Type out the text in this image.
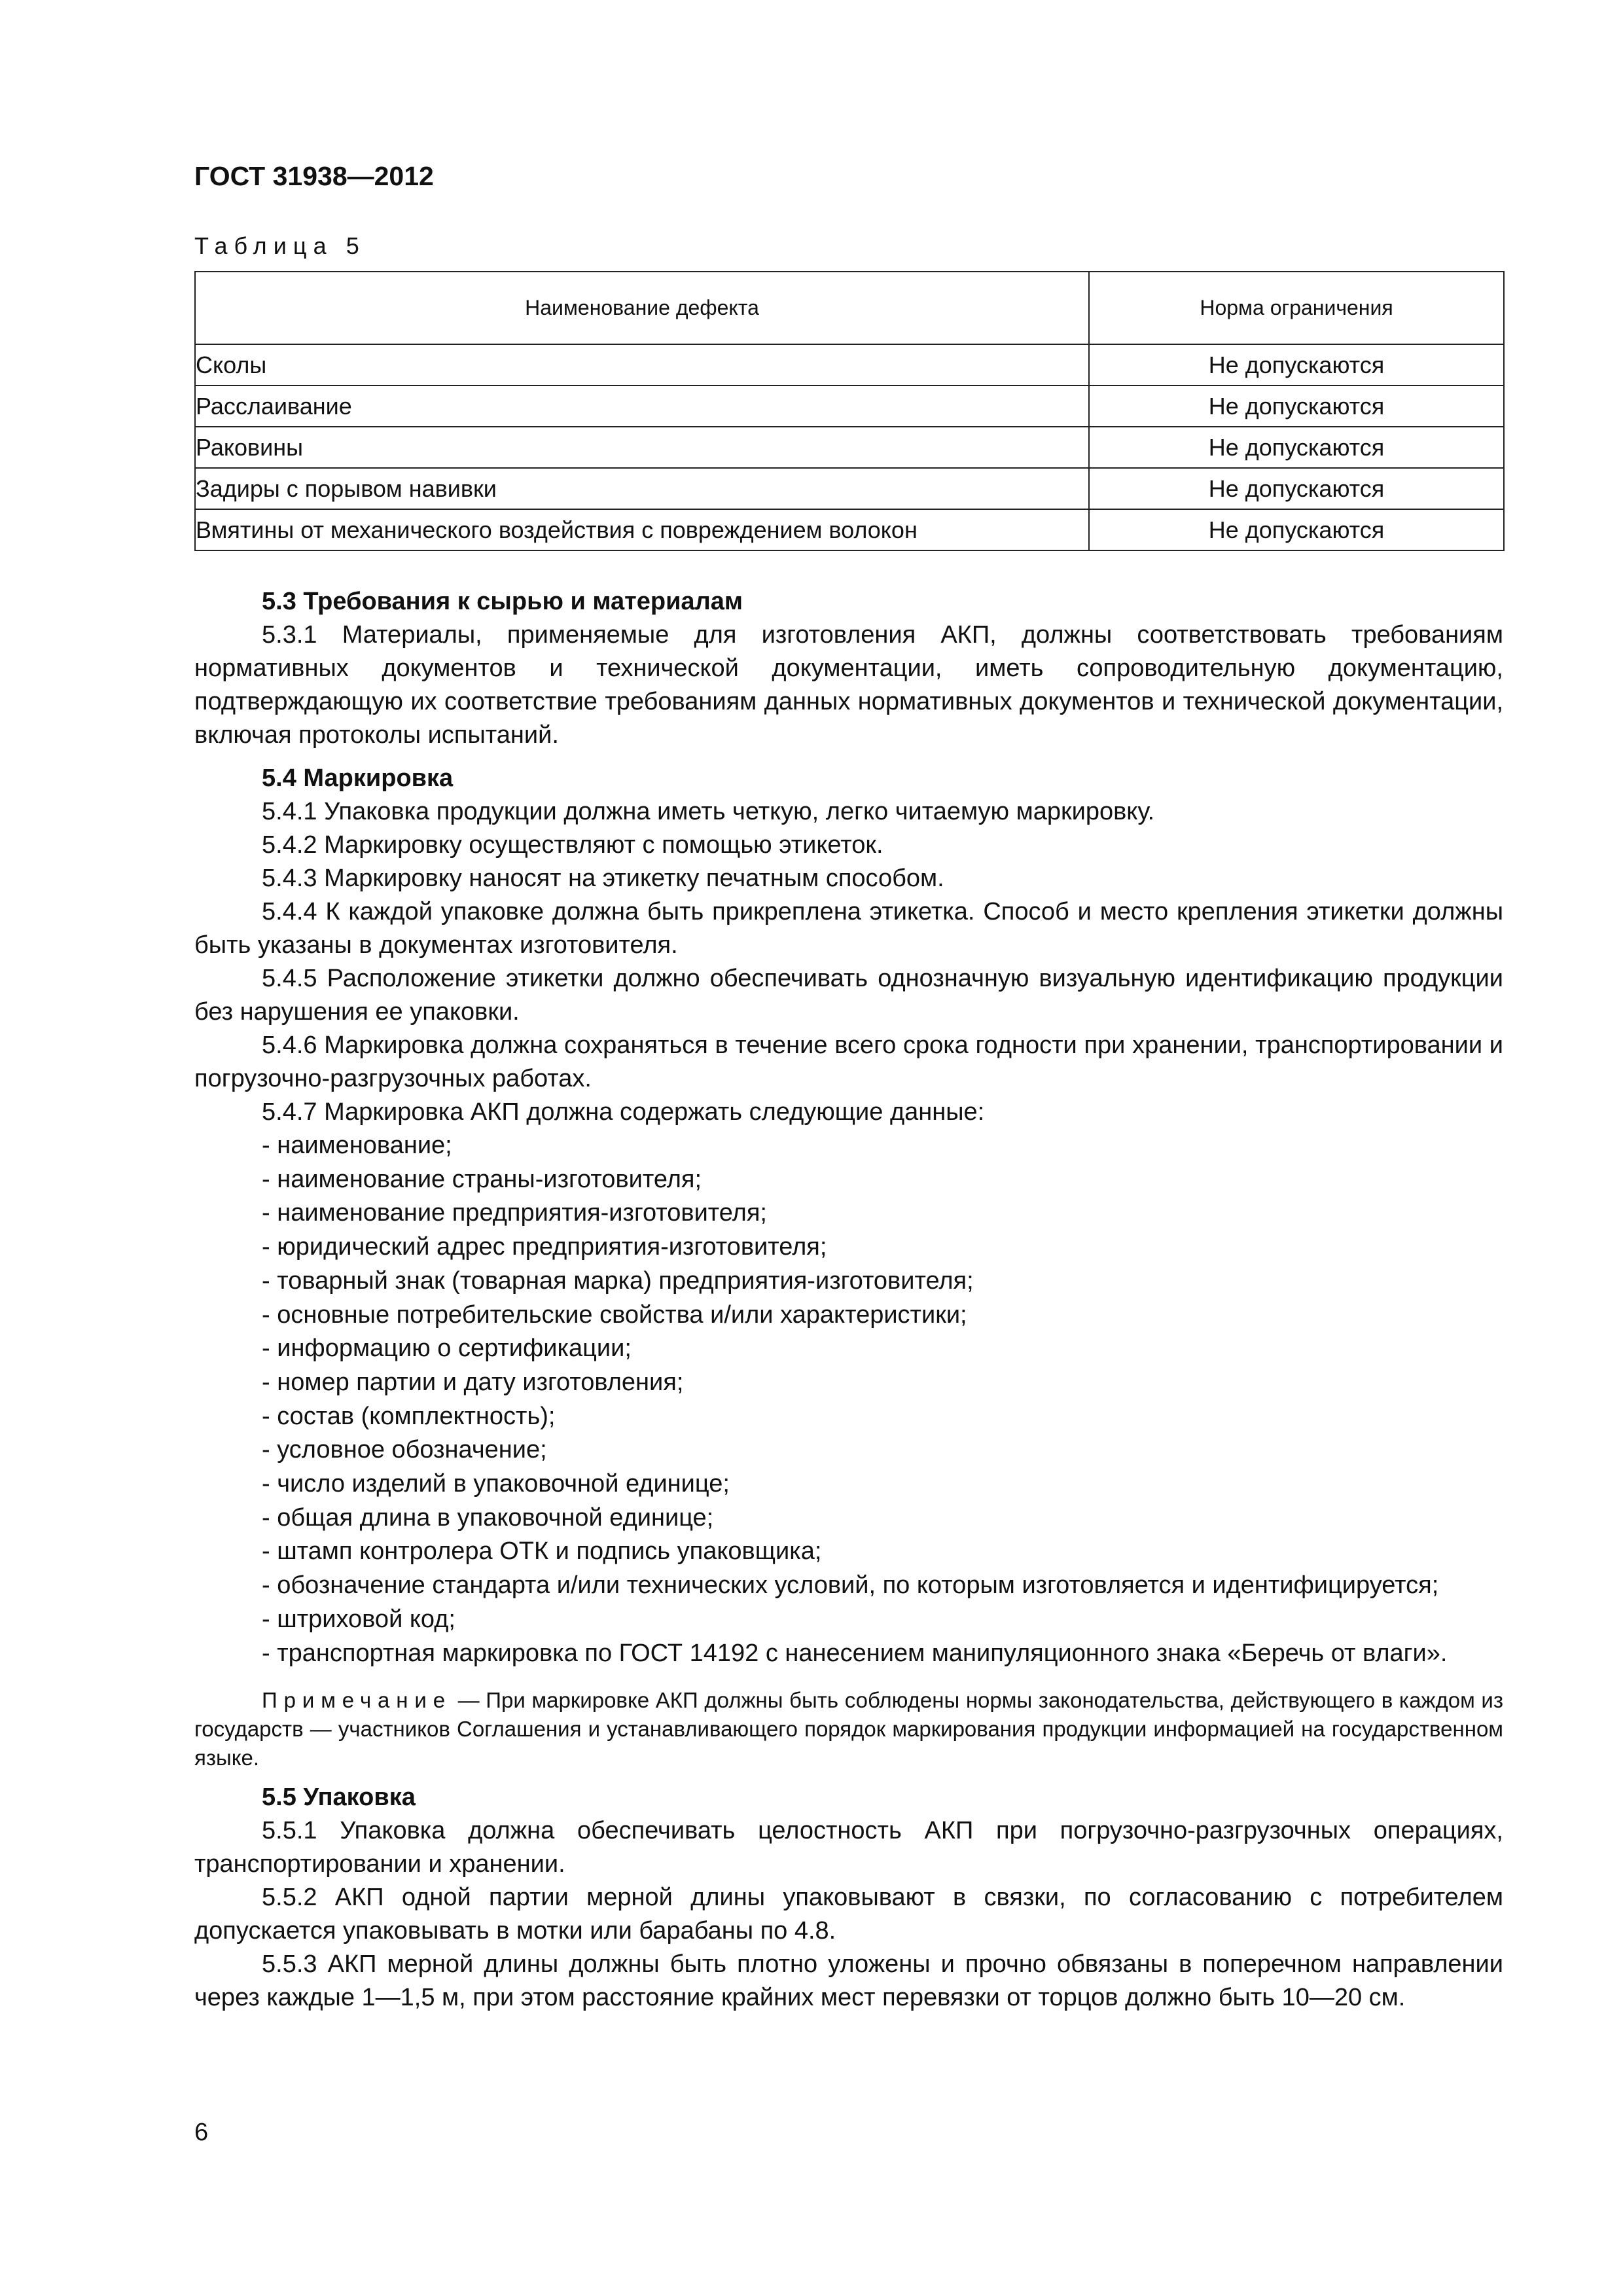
ГОСТ 31938—2012
Таблица 5
Наименование дефекта	Норма ограничения
Сколы	Не допускаются
Расслаивание	Не допускаются
Раковины	Не допускаются
Задиры с порывом навивки	Не допускаются
Вмятины от механического воздействия с повреждением волокон	Не допускаются
5.3 Требования к сырью и материалам

5.3.1 Материалы, применяемые для изготовления АКП, должны соответствовать требованиям нормативных документов и технической документации, иметь сопроводительную документацию, подтверждающую их соответствие требованиям данных нормативных документов и технической документации, включая протоколы испытаний.

5.4 Маркировка

5.4.1 Упаковка продукции должна иметь четкую, легко читаемую маркировку.

5.4.2 Маркировку осуществляют с помощью этикеток.

5.4.3 Маркировку наносят на этикетку печатным способом.

5.4.4 К каждой упаковке должна быть прикреплена этикетка. Способ и место крепления этикетки должны быть указаны в документах изготовителя.

5.4.5 Расположение этикетки должно обеспечивать однозначную визуальную идентификацию продукции без нарушения ее упаковки.

5.4.6 Маркировка должна сохраняться в течение всего срока годности при хранении, транспортировании и погрузочно-разгрузочных работах.

5.4.7 Маркировка АКП должна содержать следующие данные:

- наименование;
- наименование страны-изготовителя;
- наименование предприятия-изготовителя;
- юридический адрес предприятия-изготовителя;
- товарный знак (товарная марка) предприятия-изготовителя;
- основные потребительские свойства и/или характеристики;
- информацию о сертификации;
- номер партии и дату изготовления;
- состав (комплектность);
- условное обозначение;
- число изделий в упаковочной единице;
- общая длина в упаковочной единице;
- штамп контролера ОТК и подпись упаковщика;
- обозначение стандарта и/или технических условий, по которым изготовляется и идентифицируется;
- штриховой код;
- транспортная маркировка по ГОСТ 14192 с нанесением манипуляционного знака «Беречь от влаги».
Примечание — При маркировке АКП должны быть соблюдены нормы законодательства, действующего в каждом из государств — участников Соглашения и устанавливающего порядок маркирования продукции информацией на государственном языке.
5.5 Упаковка

5.5.1 Упаковка должна обеспечивать целостность АКП при погрузочно-разгрузочных операциях, транспортировании и хранении.

5.5.2 АКП одной партии мерной длины упаковывают в связки, по согласованию с потребителем допускается упаковывать в мотки или барабаны по 4.8.

5.5.3 АКП мерной длины должны быть плотно уложены и прочно обвязаны в поперечном направлении через каждые 1—1,5 м, при этом расстояние крайних мест перевязки от торцов должно быть 10—20 см.

6
